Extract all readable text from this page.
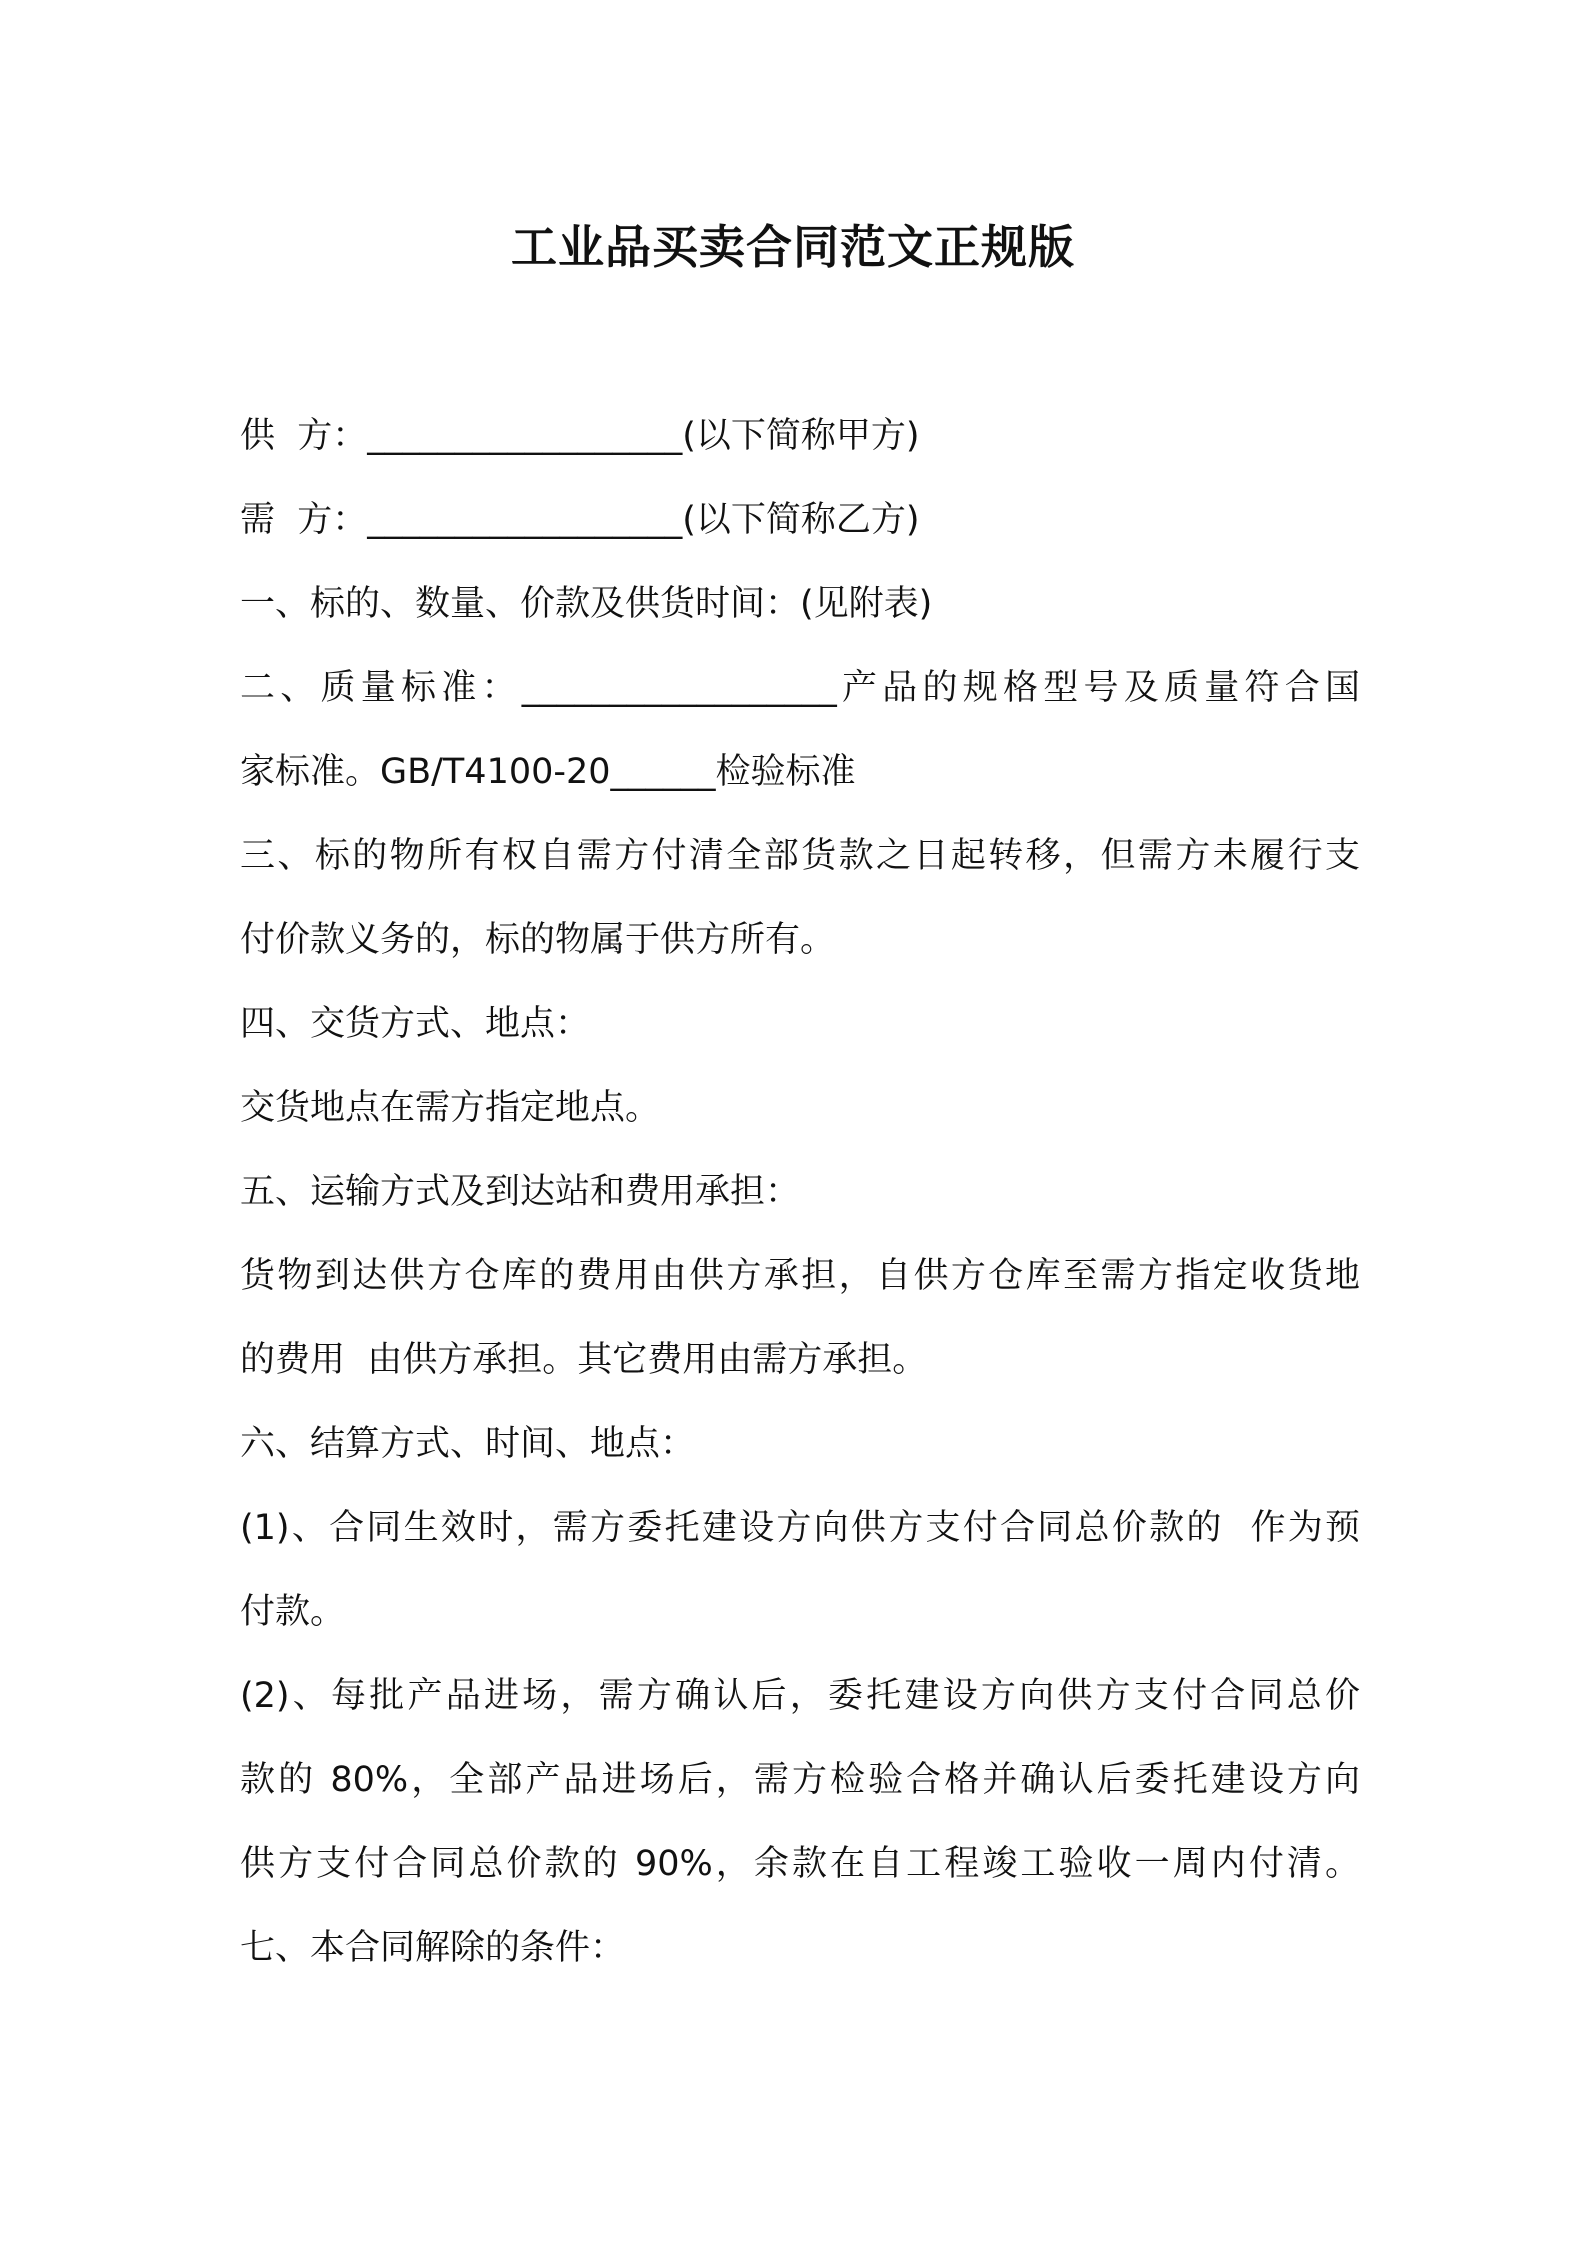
工业品买卖合同范文正规版

供  方：__________________(以下简称甲方)

需  方：__________________(以下简称乙方)

一、标的、数量、价款及供货时间：(见附表)

二、质量标准：__________________产品的规格型号及质量符合国

家标准。GB/T4100-20______检验标准

三、标的物所有权自需方付清全部货款之日起转移，但需方未履行支

付价款义务的，标的物属于供方所有。

四、交货方式、地点：

交货地点在需方指定地点。

五、运输方式及到达站和费用承担：

货物到达供方仓库的费用由供方承担，自供方仓库至需方指定收货地

的费用  由供方承担。其它费用由需方承担。

六、结算方式、时间、地点：

(1)、合同生效时，需方委托建设方向供方支付合同总价款的  作为预

付款。

(2)、每批产品进场，需方确认后，委托建设方向供方支付合同总价

款的 80%，全部产品进场后，需方检验合格并确认后委托建设方向

供方支付合同总价款的 90%，余款在自工程竣工验收一周内付清。

七、本合同解除的条件：
